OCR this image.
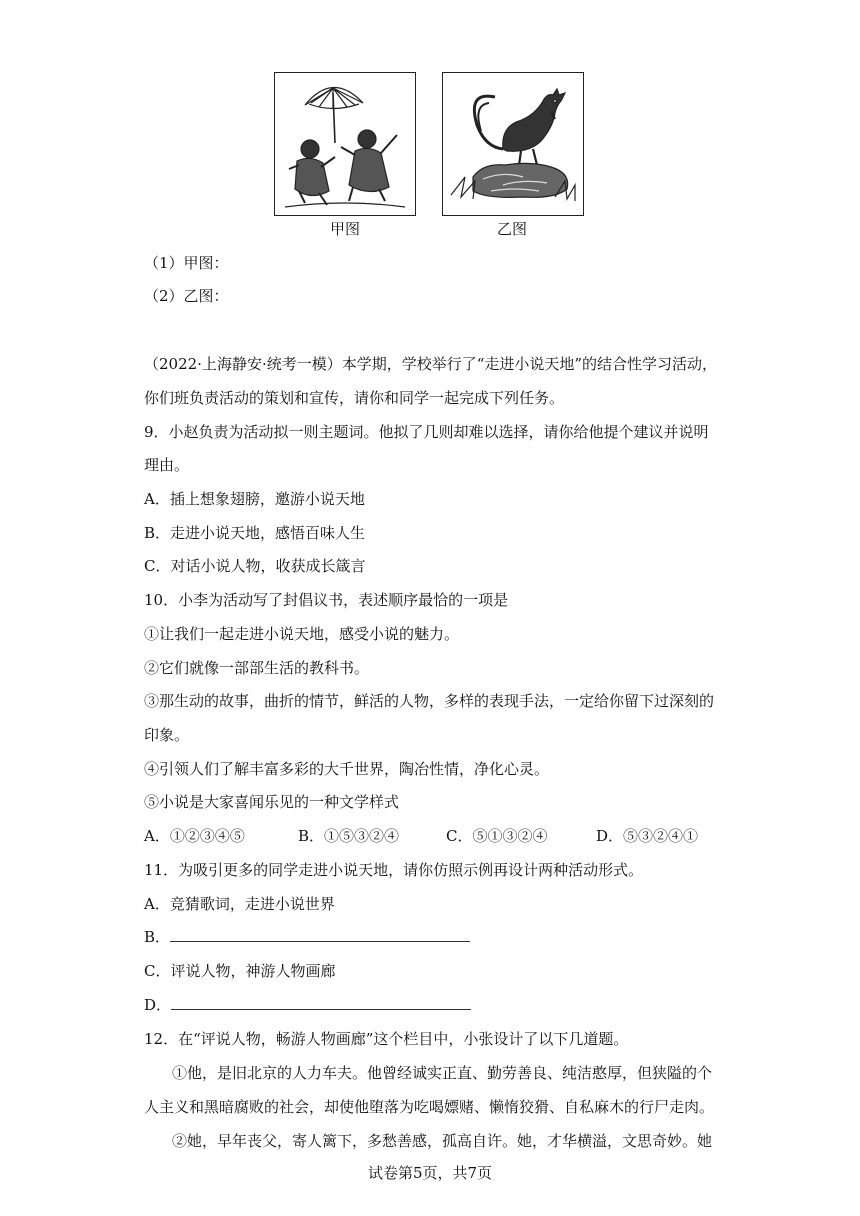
甲图	乙图
（1）甲图：
（2）乙图：
（2022·上海静安·统考一模）本学期，学校举行了“走进小说天地”的结合性学习活动，
你们班负责活动的策划和宣传，请你和同学一起完成下列任务。
9．小赵负责为活动拟一则主题词。他拟了几则却难以选择，请你给他提个建议并说明
理由。
A．插上想象翅膀，邀游小说天地
B．走进小说天地，感悟百味人生
C．对话小说人物，收获成长箴言
10．小李为活动写了封倡议书，表述顺序最恰的一项是
①让我们一起走进小说天地，感受小说的魅力。
②它们就像一部部生活的教科书。
③那生动的故事，曲折的情节，鲜活的人物，多样的表现手法，一定给你留下过深刻的
印象。
④引领人们了解丰富多彩的大千世界，陶冶性情，净化心灵。
⑤小说是大家喜闻乐见的一种文学样式
A．①②③④⑤	B．①⑤③②④	C．⑤①③②④	D．⑤③②④①
11．为吸引更多的同学走进小说天地，请你仿照示例再设计两种活动形式。
A．竞猜歌词，走进小说世界
B．
C．评说人物，神游人物画廊
D．
12．在“评说人物，畅游人物画廊”这个栏目中，小张设计了以下几道题。
①他，是旧北京的人力车夫。他曾经诚实正直、勤劳善良、纯洁憨厚，但狭隘的个
人主义和黑暗腐败的社会，却使他堕落为吃喝嫖赌、懒惰狡猾、自私麻木的行尸走肉。
②她，早年丧父，寄人篱下，多愁善感，孤高自许。她，才华横溢，文思奇妙。她
试卷第5页，共7页
